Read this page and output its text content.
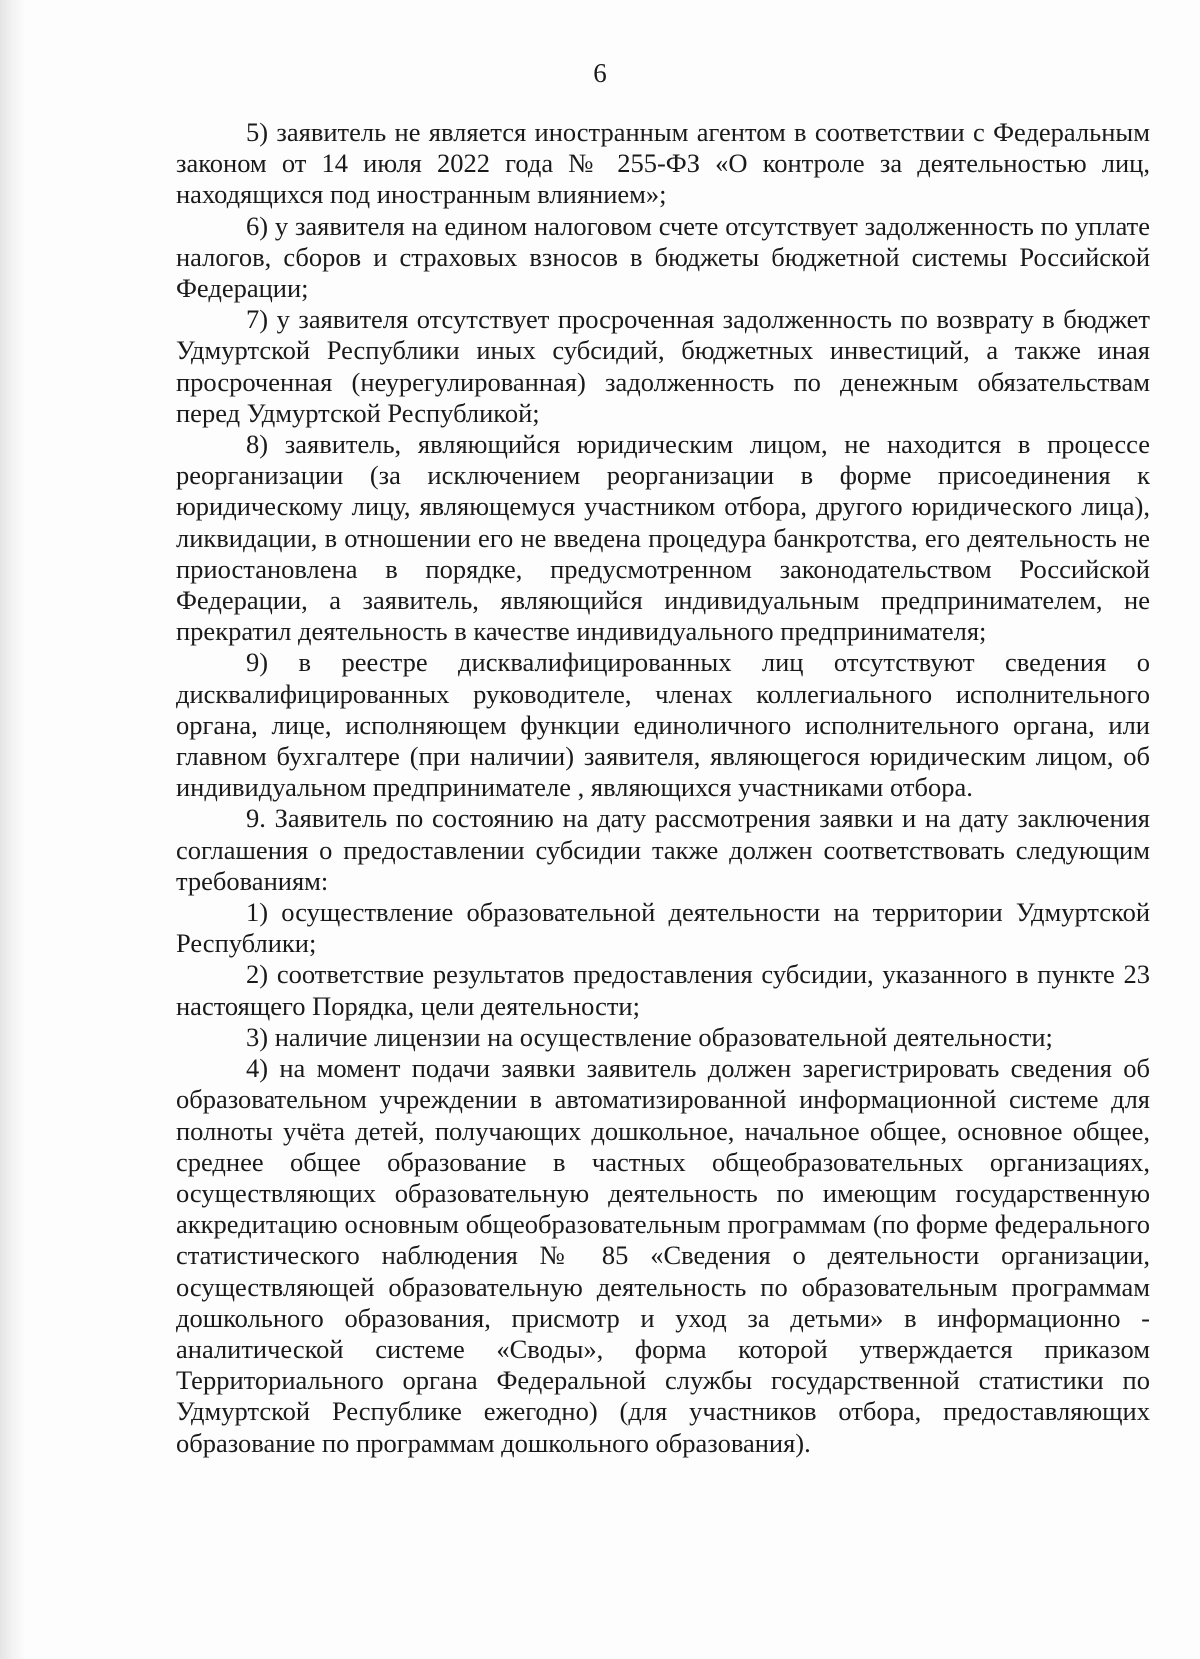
6

5) заявитель не является иностранным агентом в соответствии с Федеральным законом от 14 июля 2022 года № 255-ФЗ «О контроле за деятельностью лиц, находящихся под иностранным влиянием»;

6) у заявителя на едином налоговом счете отсутствует задолженность по уплате налогов, сборов и страховых взносов в бюджеты бюджетной системы Российской Федерации;

7) у заявителя отсутствует просроченная задолженность по возврату в бюджет Удмуртской Республики иных субсидий, бюджетных инвестиций, а также иная просроченная (неурегулированная) задолженность по денежным обязательствам перед Удмуртской Республикой;

8) заявитель, являющийся юридическим лицом, не находится в процессе реорганизации (за исключением реорганизации в форме присоединения к юридическому лицу, являющемуся участником отбора, другого юридического лица), ликвидации, в отношении его не введена процедура банкротства, его деятельность не приостановлена в порядке, предусмотренном законодательством Российской Федерации, а заявитель, являющийся индивидуальным предпринимателем, не прекратил деятельность в качестве индивидуального предпринимателя;

9) в реестре дисквалифицированных лиц отсутствуют сведения о дисквалифицированных руководителе, членах коллегиального исполнительного органа, лице, исполняющем функции единоличного исполнительного органа, или главном бухгалтере (при наличии) заявителя, являющегося юридическим лицом, об индивидуальном предпринимателе , являющихся участниками отбора.

9. Заявитель по состоянию на дату рассмотрения заявки и на дату заключения соглашения о предоставлении субсидии также должен соответствовать следующим требованиям:

1) осуществление образовательной деятельности на территории Удмуртской Республики;

2) соответствие результатов предоставления субсидии, указанного в пункте 23 настоящего Порядка, цели деятельности;

3) наличие лицензии на осуществление образовательной деятельности;

4) на момент подачи заявки заявитель должен зарегистрировать сведения об образовательном учреждении в автоматизированной информационной системе для полноты учёта детей, получающих дошкольное, начальное общее, основное общее, среднее общее образование в частных общеобразовательных организациях, осуществляющих образовательную деятельность по имеющим государственную аккредитацию основным общеобразовательным программам (по форме федерального статистического наблюдения № 85 «Сведения о деятельности организации, осуществляющей образовательную деятельность по образовательным программам дошкольного образования, присмотр и уход за детьми» в информационно - аналитической системе «Своды», форма которой утверждается приказом Территориального органа Федеральной службы государственной статистики по Удмуртской Республике ежегодно) (для участников отбора, предоставляющих образование по программам дошкольного образования).
